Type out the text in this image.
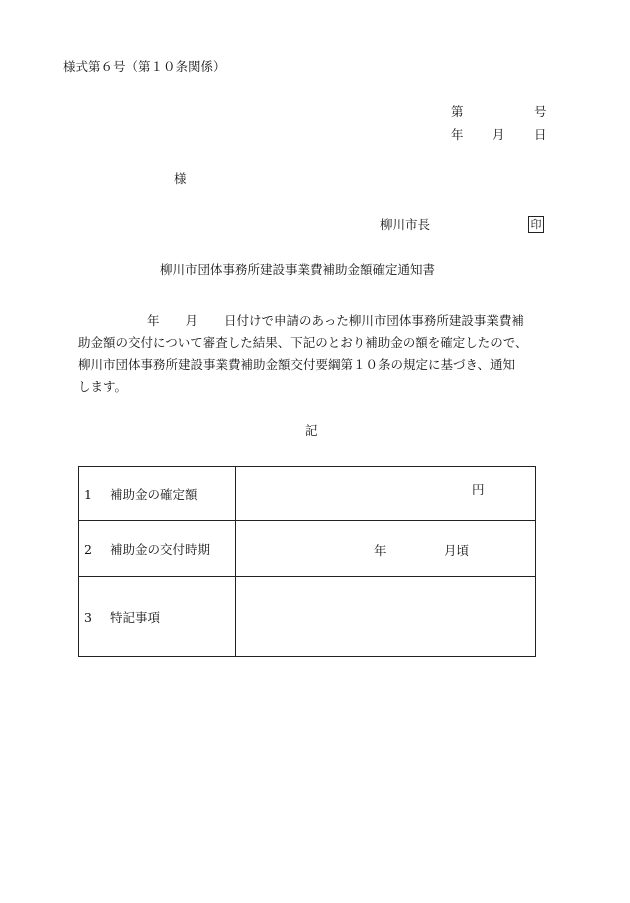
様式第６号（第１０条関係）
第	号
年 月 日
様
柳川市長	印
柳川市団体事務所建設事業費補助金額確定通知書
年 月 日付けで申請のあった柳川市団体事務所建設事業費補
助金額の交付について審査した結果、下記のとおり補助金の額を確定したので、
柳川市団体事務所建設事業費補助金額交付要綱第１０条の規定に基づき、通知
します。
記
1 補助金の確定額	円

2 補助金の交付時期	年 月頃

3 特記事項	
